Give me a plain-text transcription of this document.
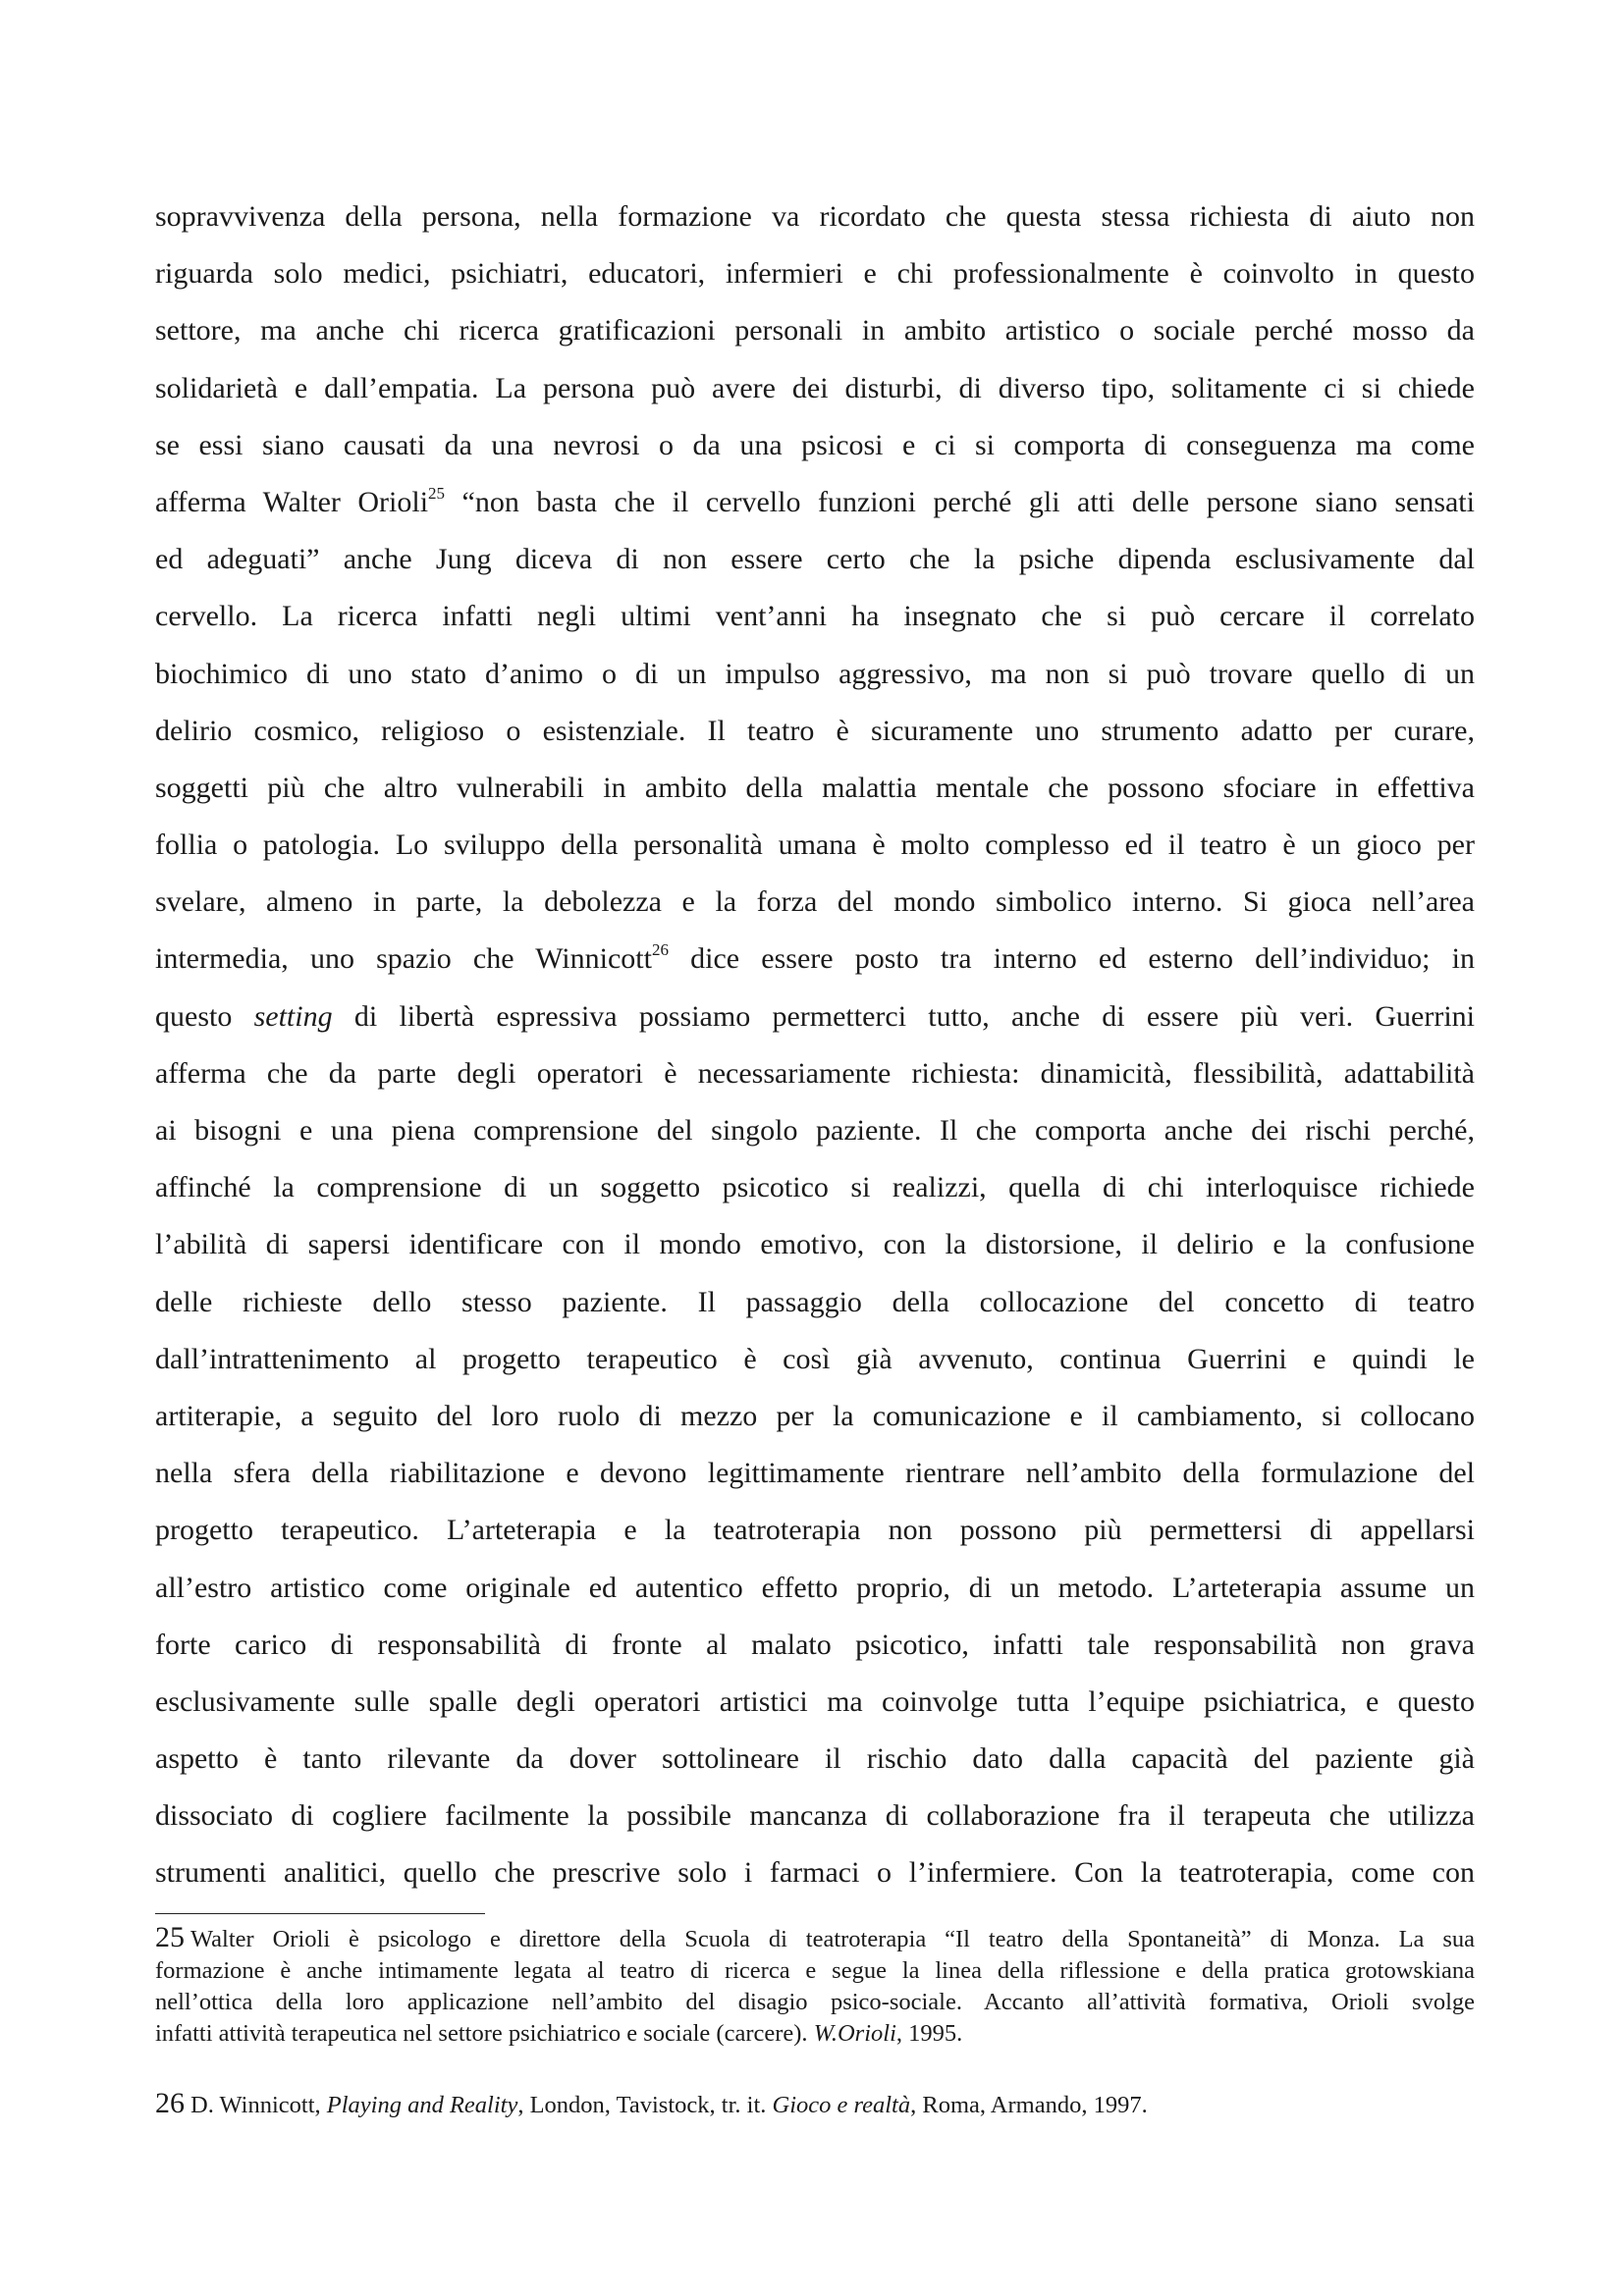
sopravvivenza della persona, nella formazione va ricordato che questa stessa richiesta di aiuto non
riguarda solo medici, psichiatri, educatori, infermieri e chi professionalmente è coinvolto in questo
settore, ma anche chi ricerca gratificazioni personali in ambito artistico o sociale perché mosso da
solidarietà e dall’empatia. La persona può avere dei disturbi, di diverso tipo, solitamente ci si chiede
se essi siano causati da una nevrosi o da una psicosi e ci si comporta di conseguenza ma come
afferma Walter Orioli$^{25}$ “non basta che il cervello funzioni perché gli atti delle persone siano sensati
ed adeguati” anche Jung diceva di non essere certo che la psiche dipenda esclusivamente dal
cervello. La ricerca infatti negli ultimi vent’anni ha insegnato che si può cercare il correlato
biochimico di uno stato d’animo o di un impulso aggressivo, ma non si può trovare quello di un
delirio cosmico, religioso o esistenziale. Il teatro è sicuramente uno strumento adatto per curare,
soggetti più che altro vulnerabili in ambito della malattia mentale che possono sfociare in effettiva
follia o patologia. Lo sviluppo della personalità umana è molto complesso ed il teatro è un gioco per
svelare, almeno in parte, la debolezza e la forza del mondo simbolico interno. Si gioca nell’area
intermedia, uno spazio che Winnicott$^{26}$ dice essere posto tra interno ed esterno dell’individuo; in
questo setting di libertà espressiva possiamo permetterci tutto, anche di essere più veri. Guerrini
afferma che da parte degli operatori è necessariamente richiesta: dinamicità, flessibilità, adattabilità
ai bisogni e una piena comprensione del singolo paziente. Il che comporta anche dei rischi perché,
affinché la comprensione di un soggetto psicotico si realizzi, quella di chi interloquisce richiede
l’abilità di sapersi identificare con il mondo emotivo, con la distorsione, il delirio e la confusione
delle richieste dello stesso paziente. Il passaggio della collocazione del concetto di teatro
dall’intrattenimento al progetto terapeutico è così già avvenuto, continua Guerrini e quindi le
artiterapie, a seguito del loro ruolo di mezzo per la comunicazione e il cambiamento, si collocano
nella sfera della riabilitazione e devono legittimamente rientrare nell’ambito della formulazione del
progetto terapeutico. L’arteterapia e la teatroterapia non possono più permettersi di appellarsi
all’estro artistico come originale ed autentico effetto proprio, di un metodo. L’arteterapia assume un
forte carico di responsabilità di fronte al malato psicotico, infatti tale responsabilità non grava
esclusivamente sulle spalle degli operatori artistici ma coinvolge tutta l’equipe psichiatrica, e questo
aspetto è tanto rilevante da dover sottolineare il rischio dato dalla capacità del paziente già
dissociato di cogliere facilmente la possibile mancanza di collaborazione fra il terapeuta che utilizza
strumenti analitici, quello che prescrive solo i farmaci o l’infermiere. Con la teatroterapia, come con
25 Walter Orioli è psicologo e direttore della Scuola di teatroterapia “Il teatro della Spontaneità” di Monza. La sua
formazione è anche intimamente legata al teatro di ricerca e segue la linea della riflessione e della pratica grotowskiana
nell’ottica della loro applicazione nell’ambito del disagio psico-sociale. Accanto all’attività formativa, Orioli svolge
infatti attività terapeutica nel settore psichiatrico e sociale (carcere). W.Orioli, 1995.
26 D. Winnicott, Playing and Reality, London, Tavistock, tr. it. Gioco e realtà, Roma, Armando, 1997.
